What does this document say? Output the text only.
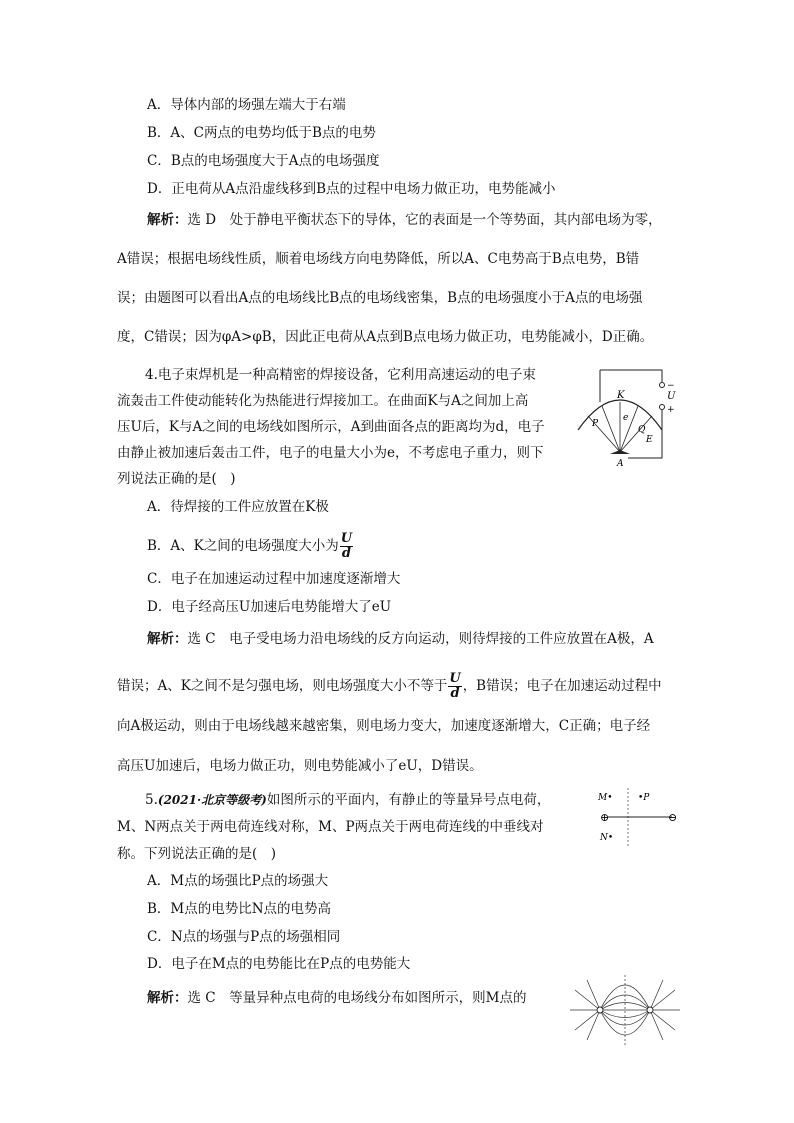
A．导体内部的场强左端大于右端
B．A、C两点的电势均低于B点的电势
C．B点的电场强度大于A点的电场强度
D．正电荷从A点沿虚线移到B点的过程中电场力做正功，电势能减小
解析：选 D　处于静电平衡状态下的导体，它的表面是一个等势面，其内部电场为零，
A错误；根据电场线性质，顺着电场线方向电势降低，所以A、C电势高于B点电势，B错
误；由题图可以看出A点的电场线比B点的电场线密集，B点的电场强度小于A点的电场强
度，C错误；因为φA>φB，因此正电荷从A点到B点电场力做正功，电势能减小，D正确。
4.电子束焊机是一种高精密的焊接设备，它利用高速运动的电子束
流轰击工件使动能转化为热能进行焊接加工。在曲面K与A之间加上高
压U后，K与A之间的电场线如图所示，A到曲面各点的距离均为d，电子
由静止被加速后轰击工件，电子的电量大小为e，不考虑电子重力，则下
列说法正确的是(　)
−
U
+
K
P
e
Q
E
A
A．待焊接的工件应放置在K极
B．A、K之间的电场强度大小为 $\frac{U}{d}$
C．电子在加速运动过程中加速度逐渐增大
D．电子经高压U加速后电势能增大了eU
解析：选 C　电子受电场力沿电场线的反方向运动，则待焊接的工件应放置在A极，A
错误；A、K之间不是匀强电场，则电场强度大小不等于 $\frac{U}{d}$ ，B错误；电子在加速运动过程中
向A极运动，则由于电场线越来越密集，则电场力变大，加速度逐渐增大，C正确；电子经
高压U加速后，电场力做正功，则电势能减小了eU，D错误。
5.(2021·北京等级考)如图所示的平面内，有静止的等量异号点电荷，
M、N两点关于两电荷连线对称，M、P两点关于两电荷连线的中垂线对
称。下列说法正确的是(　)
M•	•P
N•
⊕	⊖
A．M点的场强比P点的场强大
B．M点的电势比N点的电势高
C．N点的场强与P点的场强相同
D．电子在M点的电势能比在P点的电势能大
解析：选 C　等量异种点电荷的电场线分布如图所示，则M点的
